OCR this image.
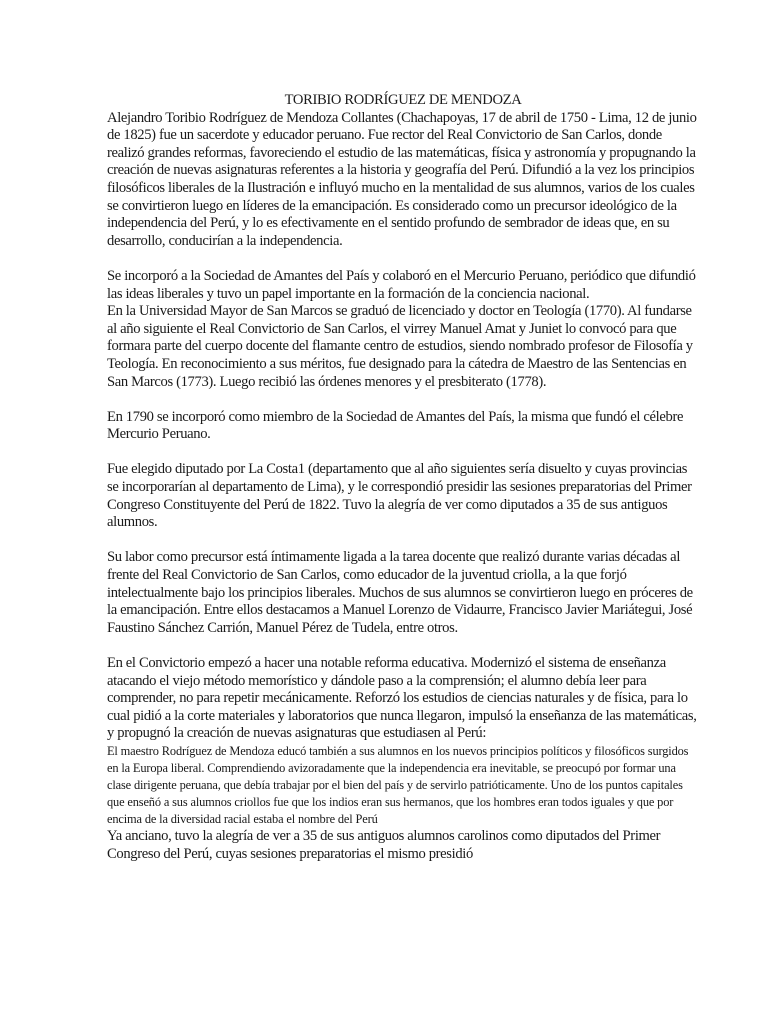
TORIBIO RODRÍGUEZ DE MENDOZA

Alejandro Toribio Rodríguez de Mendoza Collantes (Chachapoyas, 17 de abril de 1750 - Lima, 12 de junio de 1825) fue un sacerdote y educador peruano. Fue rector del Real Convictorio de San Carlos, donde realizó grandes reformas, favoreciendo el estudio de las matemáticas, física y astronomía y propugnando la creación de nuevas asignaturas referentes a la historia y geografía del Perú. Difundió a la vez los principios filosóficos liberales de la Ilustración e influyó mucho en la mentalidad de sus alumnos, varios de los cuales se convirtieron luego en líderes de la emancipación. Es considerado como un precursor ideológico de la independencia del Perú, y lo es efectivamente en el sentido profundo de sembrador de ideas que, en su desarrollo, conducirían a la independencia.

Se incorporó a la Sociedad de Amantes del País y colaboró en el Mercurio Peruano, periódico que difundió las ideas liberales y tuvo un papel importante en la formación de la conciencia nacional.

En la Universidad Mayor de San Marcos se graduó de licenciado y doctor en Teología (1770). Al fundarse al año siguiente el Real Convictorio de San Carlos, el virrey Manuel Amat y Juniet lo convocó para que formara parte del cuerpo docente del flamante centro de estudios, siendo nombrado profesor de Filosofía y Teología. En reconocimiento a sus méritos, fue designado para la cátedra de Maestro de las Sentencias en San Marcos (1773). Luego recibió las órdenes menores y el presbiterato (1778).

En 1790 se incorporó como miembro de la Sociedad de Amantes del País, la misma que fundó el célebre Mercurio Peruano.

Fue elegido diputado por La Costa1 (departamento que al año siguientes sería disuelto y cuyas provincias se incorporarían al departamento de Lima), y le correspondió presidir las sesiones preparatorias del Primer Congreso Constituyente del Perú de 1822. Tuvo la alegría de ver como diputados a 35 de sus antiguos alumnos.

Su labor como precursor está íntimamente ligada a la tarea docente que realizó durante varias décadas al frente del Real Convictorio de San Carlos, como educador de la juventud criolla, a la que forjó intelectualmente bajo los principios liberales. Muchos de sus alumnos se convirtieron luego en próceres de la emancipación. Entre ellos destacamos a Manuel Lorenzo de Vidaurre, Francisco Javier Mariátegui, José Faustino Sánchez Carrión, Manuel Pérez de Tudela, entre otros.

En el Convictorio empezó a hacer una notable reforma educativa. Modernizó el sistema de enseñanza atacando el viejo método memorístico y dándole paso a la comprensión; el alumno debía leer para comprender, no para repetir mecánicamente. Reforzó los estudios de ciencias naturales y de física, para lo cual pidió a la corte materiales y laboratorios que nunca llegaron, impulsó la enseñanza de las matemáticas, y propugnó la creación de nuevas asignaturas que estudiasen al Perú:

El maestro Rodríguez de Mendoza educó también a sus alumnos en los nuevos principios políticos y filosóficos surgidos en la Europa liberal. Comprendiendo avizoradamente que la independencia era inevitable, se preocupó por formar una clase dirigente peruana, que debía trabajar por el bien del país y de servirlo patrióticamente. Uno de los puntos capitales que enseñó a sus alumnos criollos fue que los indios eran sus hermanos, que los hombres eran todos iguales y que por encima de la diversidad racial estaba el nombre del Perú

Ya anciano, tuvo la alegría de ver a 35 de sus antiguos alumnos carolinos como diputados del Primer Congreso del Perú, cuyas sesiones preparatorias el mismo presidió
